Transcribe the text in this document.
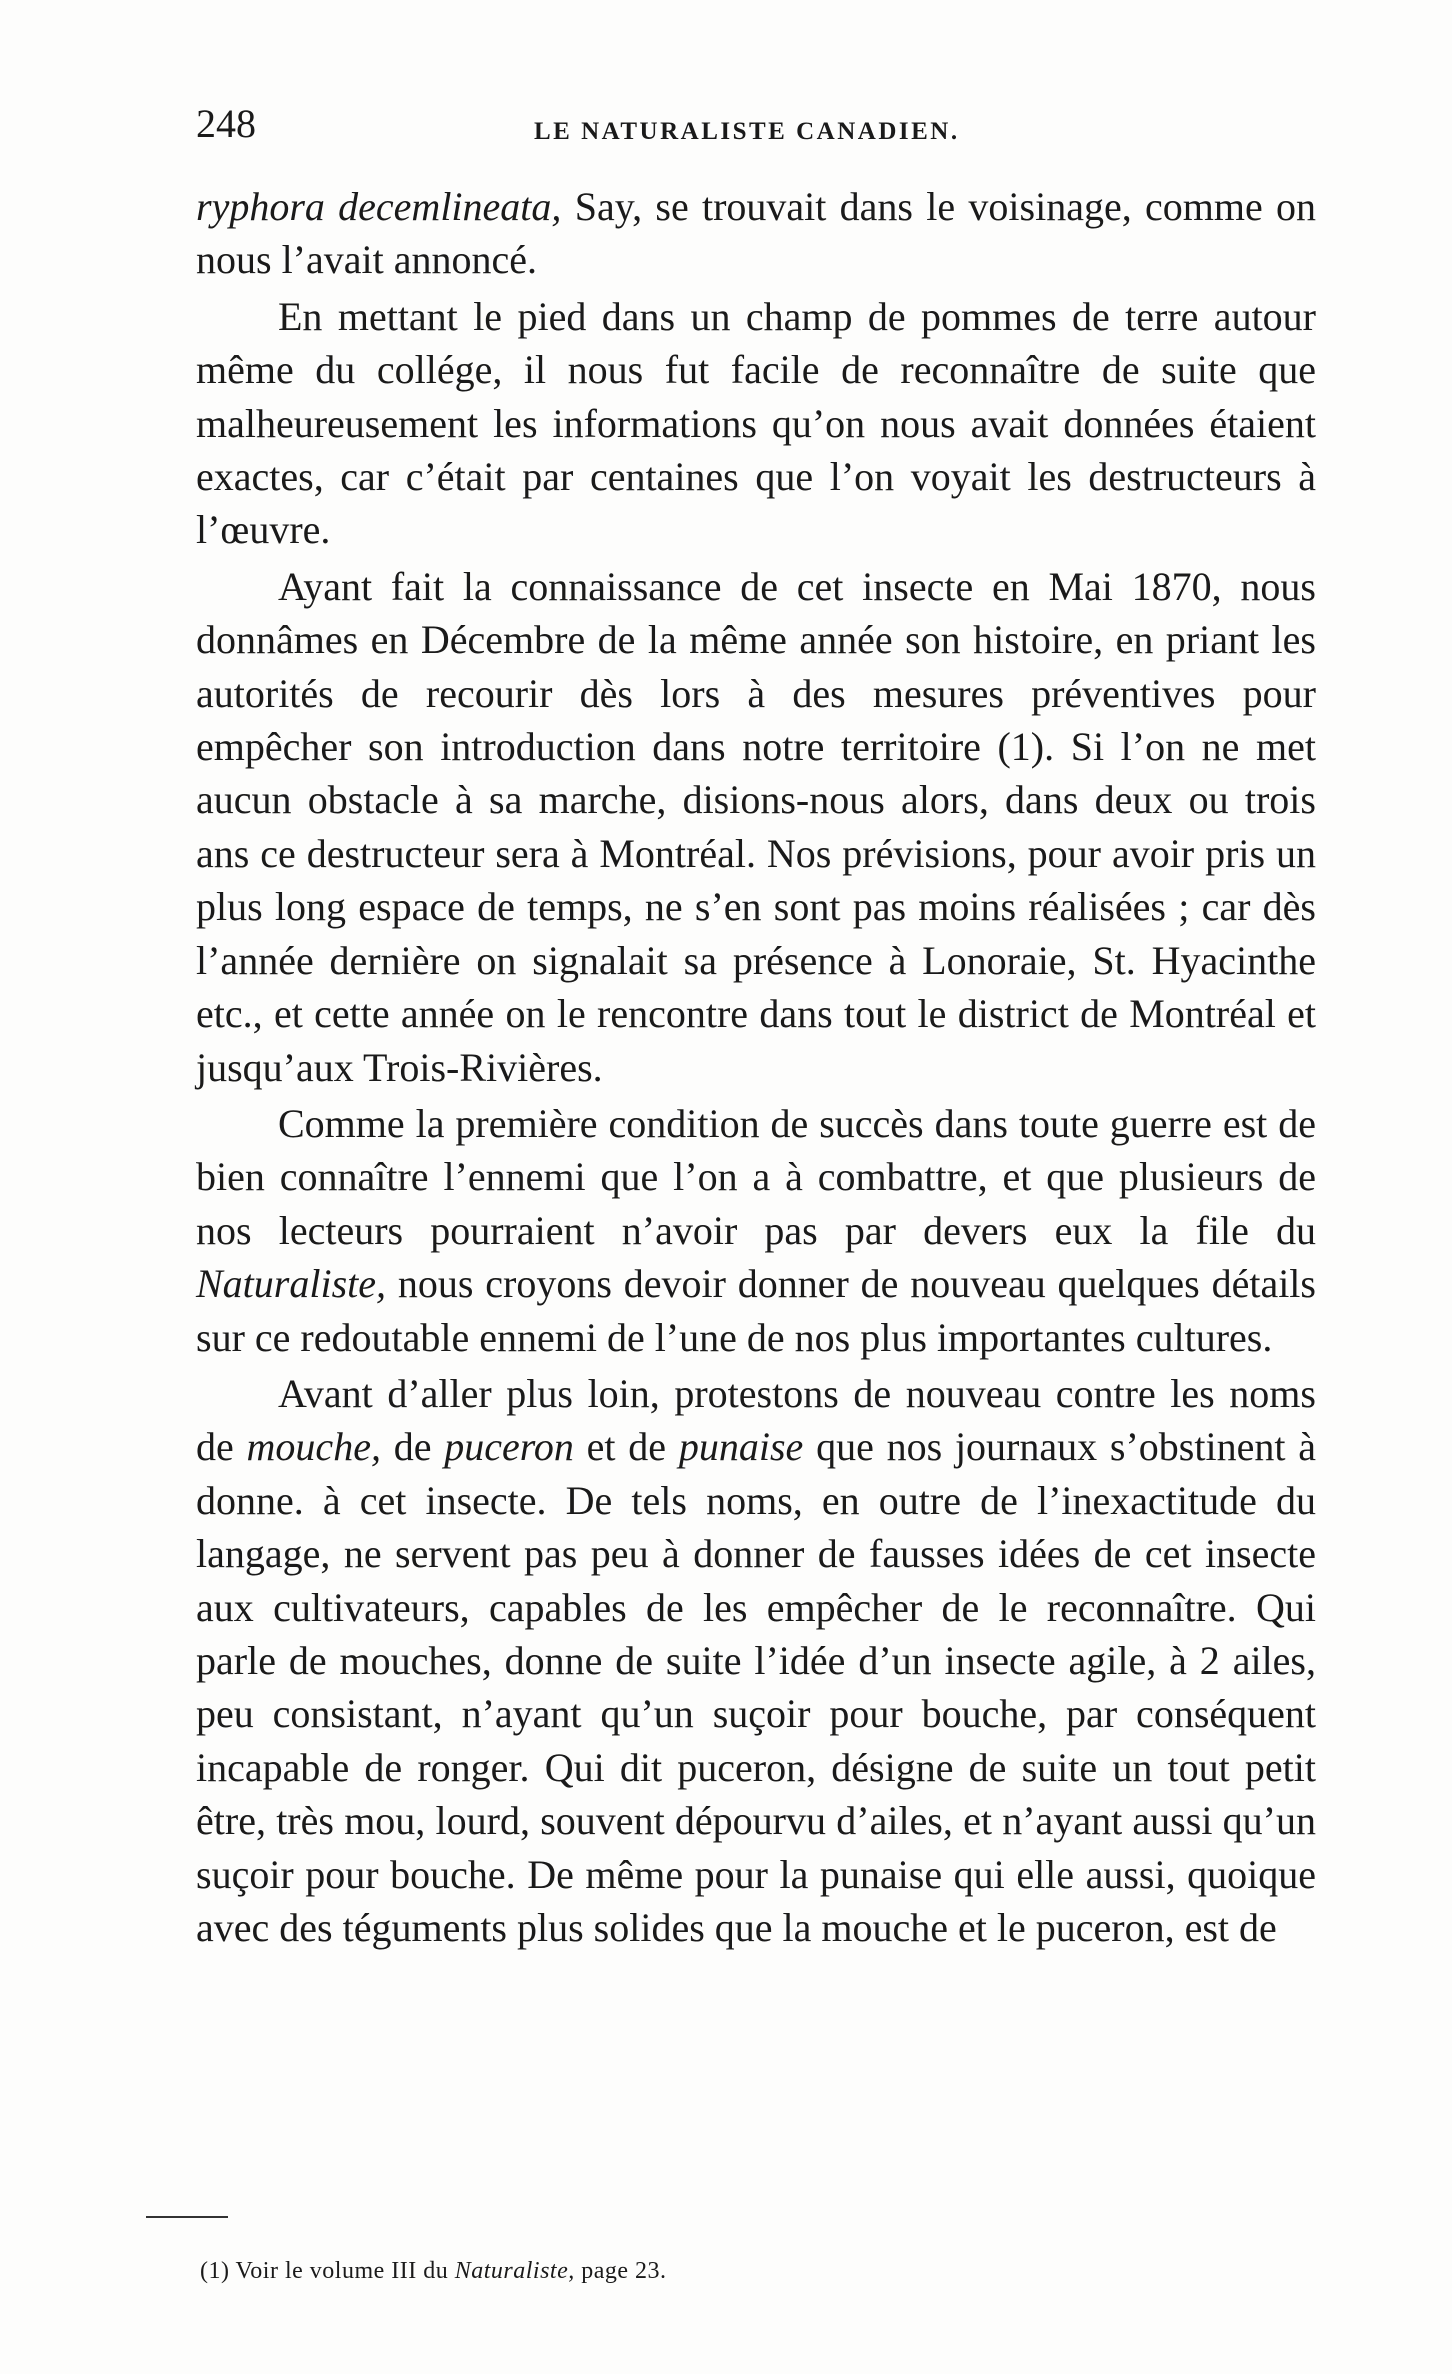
248	LE NATURALISTE CANADIEN.

ryphora decemlineata, Say, se trouvait dans le voisinage, comme on nous l’avait annoncé.

En mettant le pied dans un champ de pommes de terre autour même du collége, il nous fut facile de reconnaître de suite que malheureusement les informations qu’on nous avait données étaient exactes, car c’était par centaines que l’on voyait les destructeurs à l’œuvre.

Ayant fait la connaissance de cet insecte en Mai 1870, nous donnâmes en Décembre de la même année son histoire, en priant les autorités de recourir dès lors à des mesures préventives pour empêcher son introduction dans notre territoire (1). Si l’on ne met aucun obstacle à sa marche, disions-nous alors, dans deux ou trois ans ce destructeur sera à Montréal. Nos prévisions, pour avoir pris un plus long espace de temps, ne s’en sont pas moins réalisées ; car dès l’année dernière on signalait sa présence à Lonoraie, St. Hyacinthe etc., et cette année on le rencontre dans tout le district de Montréal et jusqu’aux Trois-Rivières.

Comme la première condition de succès dans toute guerre est de bien connaître l’ennemi que l’on a à combattre, et que plusieurs de nos lecteurs pourraient n’avoir pas par devers eux la file du Naturaliste, nous croyons devoir donner de nouveau quelques détails sur ce redoutable ennemi de l’une de nos plus importantes cultures.

Avant d’aller plus loin, protestons de nouveau contre les noms de mouche, de puceron et de punaise que nos journaux s’obstinent à donne. à cet insecte. De tels noms, en outre de l’inexactitude du langage, ne servent pas peu à donner de fausses idées de cet insecte aux cultivateurs, capables de les empêcher de le reconnaître. Qui parle de mouches, donne de suite l’idée d’un insecte agile, à 2 ailes, peu consistant, n’ayant qu’un suçoir pour bouche, par conséquent incapable de ronger. Qui dit puceron, désigne de suite un tout petit être, très mou, lourd, souvent dépourvu d’ailes, et n’ayant aussi qu’un suçoir pour bouche. De même pour la punaise qui elle aussi, quoique avec des téguments plus solides que la mouche et le puceron, est de

(1) Voir le volume III du Naturaliste, page 23.
